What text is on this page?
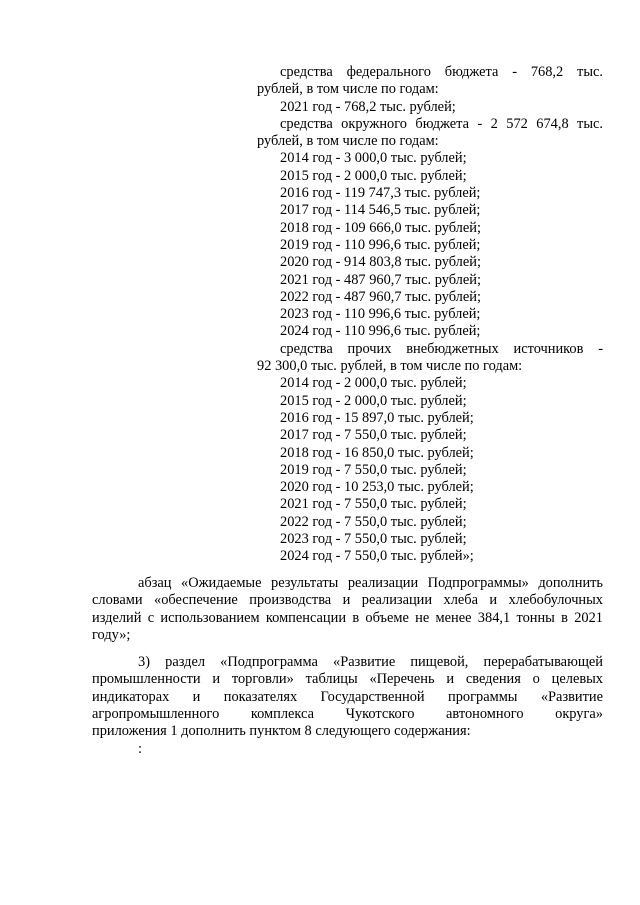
средства федерального бюджета - 768,2 тыс.
рублей, в том числе по годам:
2021 год - 768,2 тыс. рублей;
средства окружного бюджета - 2 572 674,8 тыс.
рублей, в том числе по годам:
2014 год - 3 000,0 тыс. рублей;
2015 год - 2 000,0 тыс. рублей;
2016 год - 119 747,3 тыс. рублей;
2017 год - 114 546,5 тыс. рублей;
2018 год - 109 666,0 тыс. рублей;
2019 год - 110 996,6 тыс. рублей;
2020 год - 914 803,8 тыс. рублей;
2021 год - 487 960,7 тыс. рублей;
2022 год - 487 960,7 тыс. рублей;
2023 год - 110 996,6 тыс. рублей;
2024 год - 110 996,6 тыс. рублей;
средства прочих внебюджетных источников -
92 300,0 тыс. рублей, в том числе по годам:
2014 год - 2 000,0 тыс. рублей;
2015 год - 2 000,0 тыс. рублей;
2016 год - 15 897,0 тыс. рублей;
2017 год - 7 550,0 тыс. рублей;
2018 год - 16 850,0 тыс. рублей;
2019 год - 7 550,0 тыс. рублей;
2020 год - 10 253,0 тыс. рублей;
2021 год - 7 550,0 тыс. рублей;
2022 год - 7 550,0 тыс. рублей;
2023 год - 7 550,0 тыс. рублей;
2024 год - 7 550,0 тыс. рублей»;
абзац «Ожидаемые результаты реализации Подпрограммы» дополнить
словами «обеспечение производства и реализации хлеба и хлебобулочных
изделий с использованием компенсации в объеме не менее 384,1 тонны в 2021
году»;
3) раздел «Подпрограмма «Развитие пищевой, перерабатывающей
промышленности и торговли» таблицы «Перечень и сведения о целевых
индикаторах и показателях Государственной программы «Развитие
агропромышленного комплекса Чукотского автономного округа»
приложения 1 дополнить пунктом 8 следующего содержания:
:
